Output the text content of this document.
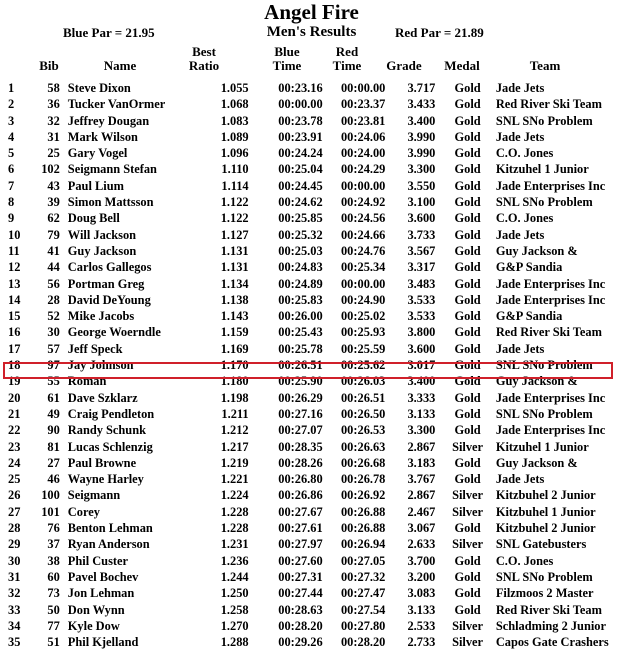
Angel Fire
Men's Results
Blue Par = 21.95	Red Par = 21.89
Bib	Name
Best Ratio
Blue Time
Red Time	Grade Medal	Team
1	58	Steve Dixon	1.055	00:23.16	00:00.00	3.717	Gold	Jade Jets
2	36	Tucker VanOrmer	1.068	00:00.00	00:23.37	3.433	Gold	Red River Ski Team
3	32	Jeffrey Dougan	1.083	00:23.78	00:23.81	3.400	Gold	SNL SNo Problem
4	31	Mark Wilson	1.089	00:23.91	00:24.06	3.990	Gold	Jade Jets
5	25	Gary Vogel	1.096	00:24.24	00:24.00	3.990	Gold	C.O. Jones
6	102	Seigmann Stefan	1.110	00:25.04	00:24.29	3.300	Gold	Kitzuhel 1 Junior
7	43	Paul Lium	1.114	00:24.45	00:00.00	3.550	Gold	Jade Enterprises Inc
8	39	Simon Mattsson	1.122	00:24.62	00:24.92	3.100	Gold	SNL SNo Problem
9	62	Doug Bell	1.122	00:25.85	00:24.56	3.600	Gold	C.O. Jones
10	79	Will Jackson	1.127	00:25.32	00:24.66	3.733	Gold	Jade Jets
11	41	Guy Jackson	1.131	00:25.03	00:24.76	3.567	Gold	Guy Jackson &
12	44	Carlos Gallegos	1.131	00:24.83	00:25.34	3.317	Gold	G&P Sandia
13	56	Portman Greg	1.134	00:24.89	00:00.00	3.483	Gold	Jade Enterprises Inc
14	28	David DeYoung	1.138	00:25.83	00:24.90	3.533	Gold	Jade Enterprises Inc
15	52	Mike Jacobs	1.143	00:26.00	00:25.02	3.533	Gold	G&P Sandia
16	30	George Woerndle	1.159	00:25.43	00:25.93	3.800	Gold	Red River Ski Team
17	57	Jeff Speck	1.169	00:25.78	00:25.59	3.600	Gold	Jade Jets
18	97	Jay Johnson	1.170	00:26.51	00:25.62	3.017	Gold	SNL SNo Problem
19	55	Roman	1.180	00:25.90	00:26.03	3.400	Gold	Guy Jackson &
20	61	Dave Szklarz	1.198	00:26.29	00:26.51	3.333	Gold	Jade Enterprises Inc
21	49	Craig Pendleton	1.211	00:27.16	00:26.50	3.133	Gold	SNL SNo Problem
22	90	Randy Schunk	1.212	00:27.07	00:26.53	3.300	Gold	Jade Enterprises Inc
23	81	Lucas Schlenzig	1.217	00:28.35	00:26.63	2.867	Silver	Kitzuhel 1 Junior
24	27	Paul Browne	1.219	00:28.26	00:26.68	3.183	Gold	Guy Jackson &
25	46	Wayne Harley	1.221	00:26.80	00:26.78	3.767	Gold	Jade Jets
26	100	Seigmann	1.224	00:26.86	00:26.92	2.867	Silver	Kitzbuhel 2 Junior
27	101	Corey	1.228	00:27.67	00:26.88	2.467	Silver	Kitzbuhel 1 Junior
28	76	Benton Lehman	1.228	00:27.61	00:26.88	3.067	Gold	Kitzbuhel 2 Junior
29	37	Ryan Anderson	1.231	00:27.97	00:26.94	2.633	Silver	SNL Gatebusters
30	38	Phil Custer	1.236	00:27.60	00:27.05	3.700	Gold	C.O. Jones
31	60	Pavel Bochev	1.244	00:27.31	00:27.32	3.200	Gold	SNL SNo Problem
32	73	Jon Lehman	1.250	00:27.44	00:27.47	3.083	Gold	Filzmoos 2 Master
33	50	Don Wynn	1.258	00:28.63	00:27.54	3.133	Gold	Red River Ski Team
34	77	Kyle Dow	1.270	00:28.20	00:27.80	2.533	Silver	Schladming 2 Junior
35	51	Phil Kjelland	1.288	00:29.26	00:28.20	2.733	Silver	Capos Gate Crashers
